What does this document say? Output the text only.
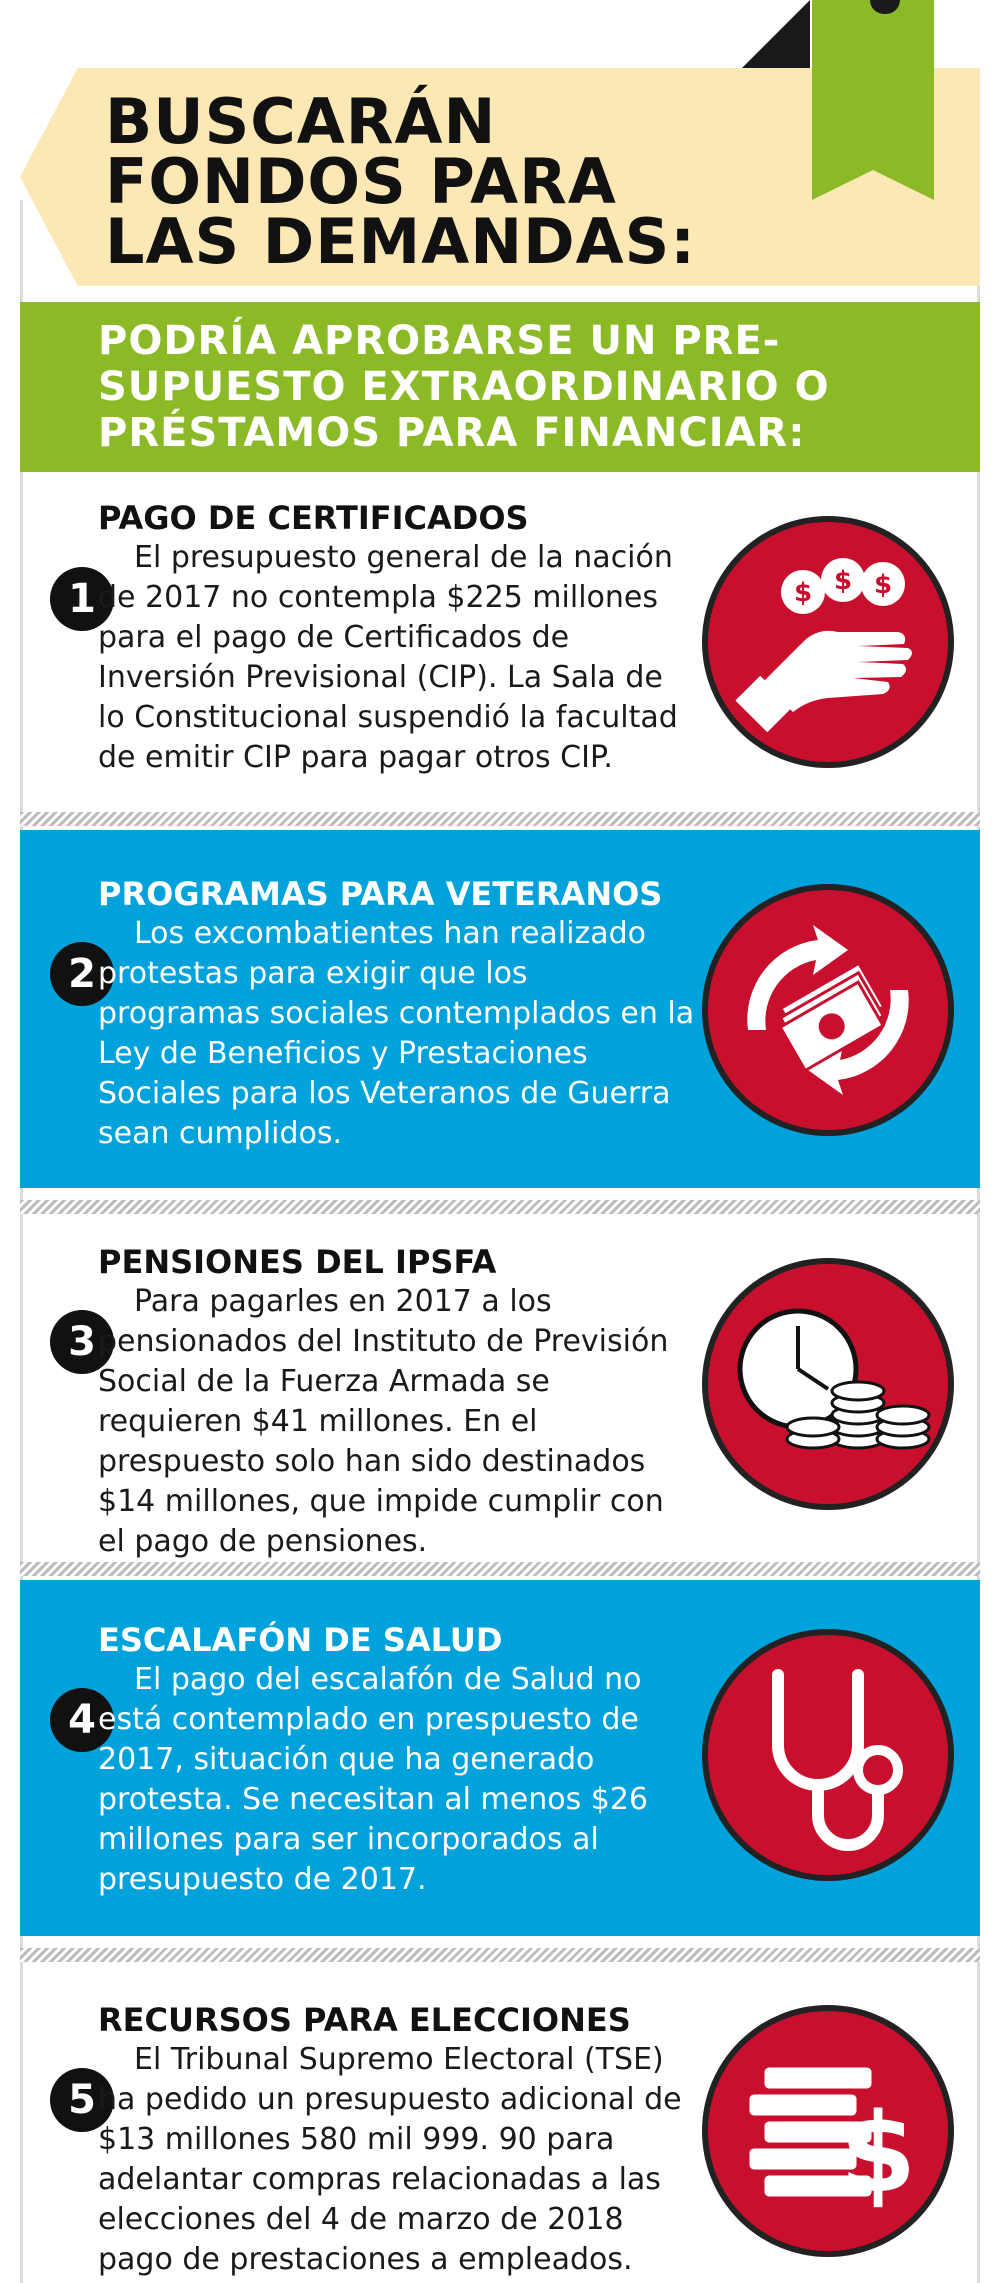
BUSCARÁN
FONDOS PARA
LAS DEMANDAS:
PODRÍA APROBARSE UN PRE-
SUPUESTO EXTRAORDINARIO O
PRÉSTAMOS PARA FINANCIAR:
PAGO DE CERTIFICADOS
1
El presupuesto general de la nación de 2017 no contempla $225 millones para el pago de Certificados de Inversión Previsional (CIP). La Sala de lo Constitucional suspendió la facultad de emitir CIP para pagar otros CIP.
$ $ $
PROGRAMAS PARA VETERANOS
2
Los excombatientes han realizado protestas para exigir que los programas sociales contemplados en la Ley de Beneficios y Prestaciones Sociales para los Veteranos de Guerra sean cumplidos.
PENSIONES DEL IPSFA
3
Para pagarles en 2017 a los pensionados del Instituto de Previsión Social de la Fuerza Armada se requieren $41 millones. En el prespuesto solo han sido destinados $14 millones, que impide cumplir con el pago de pensiones.
ESCALAFÓN DE SALUD
4
El pago del escalafón de Salud no está contemplado en prespuesto de 2017, situación que ha generado protesta. Se necesitan al menos $26 millones para ser incorporados al presupuesto de 2017.
RECURSOS PARA ELECCIONES
5
El Tribunal Supremo Electoral (TSE) ha pedido un presupuesto adicional de $13 millones 580 mil 999. 90 para adelantar compras relacionadas a las elecciones del 4 de marzo de 2018 pago de prestaciones a empleados.
$
